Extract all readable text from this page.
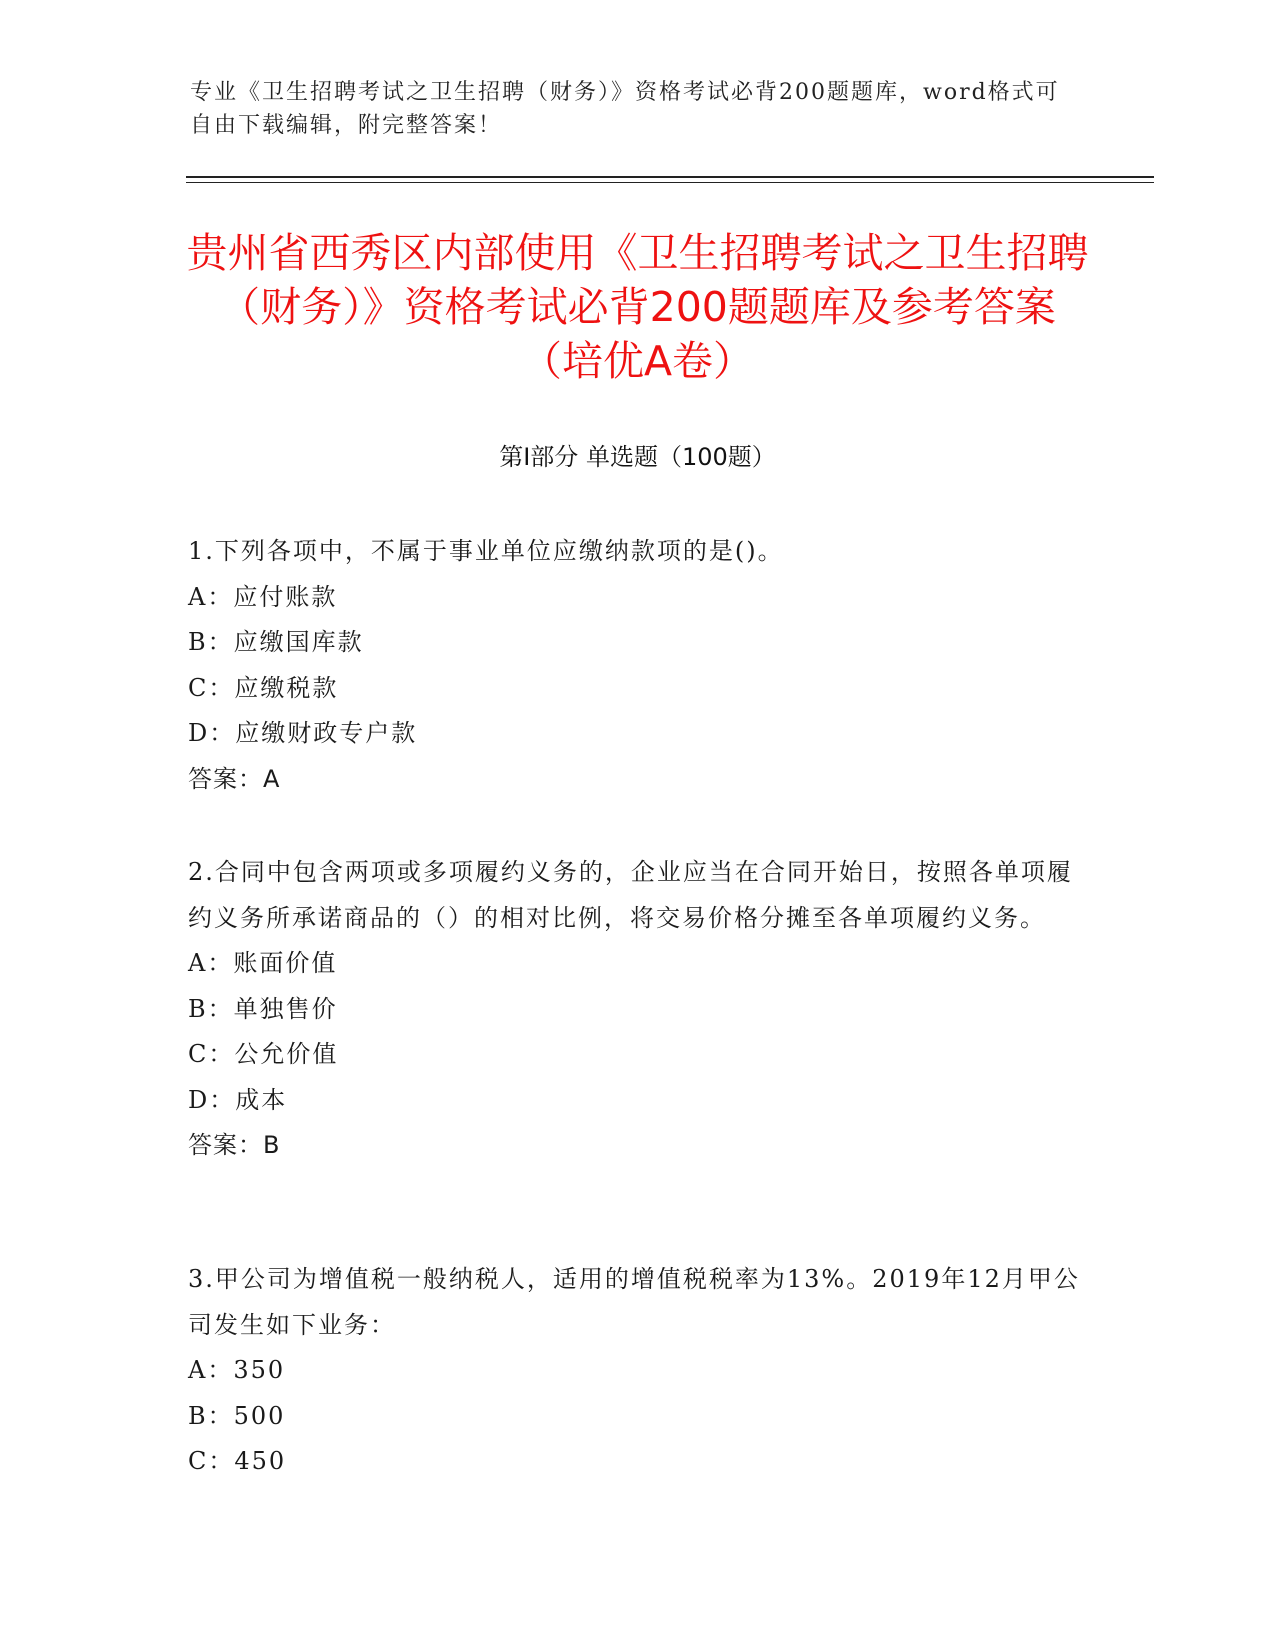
专业《卫生招聘考试之卫生招聘（财务）》资格考试必背200题题库，word格式可自由下载编辑，附完整答案！
贵州省西秀区内部使用《卫生招聘考试之卫生招聘（财务）》资格考试必背200题题库及参考答案（培优A卷）
第Ⅰ部分 单选题（100题）
1.下列各项中，不属于事业单位应缴纳款项的是()。
A：应付账款
B：应缴国库款
C：应缴税款
D：应缴财政专户款
答案：A
2.合同中包含两项或多项履约义务的，企业应当在合同开始日，按照各单项履约义务所承诺商品的（）的相对比例，将交易价格分摊至各单项履约义务。
A：账面价值
B：单独售价
C：公允价值
D：成本
答案：B
3.甲公司为增值税一般纳税人，适用的增值税税率为13%。2019年12月甲公司发生如下业务：
A：350
B：500
C：450
